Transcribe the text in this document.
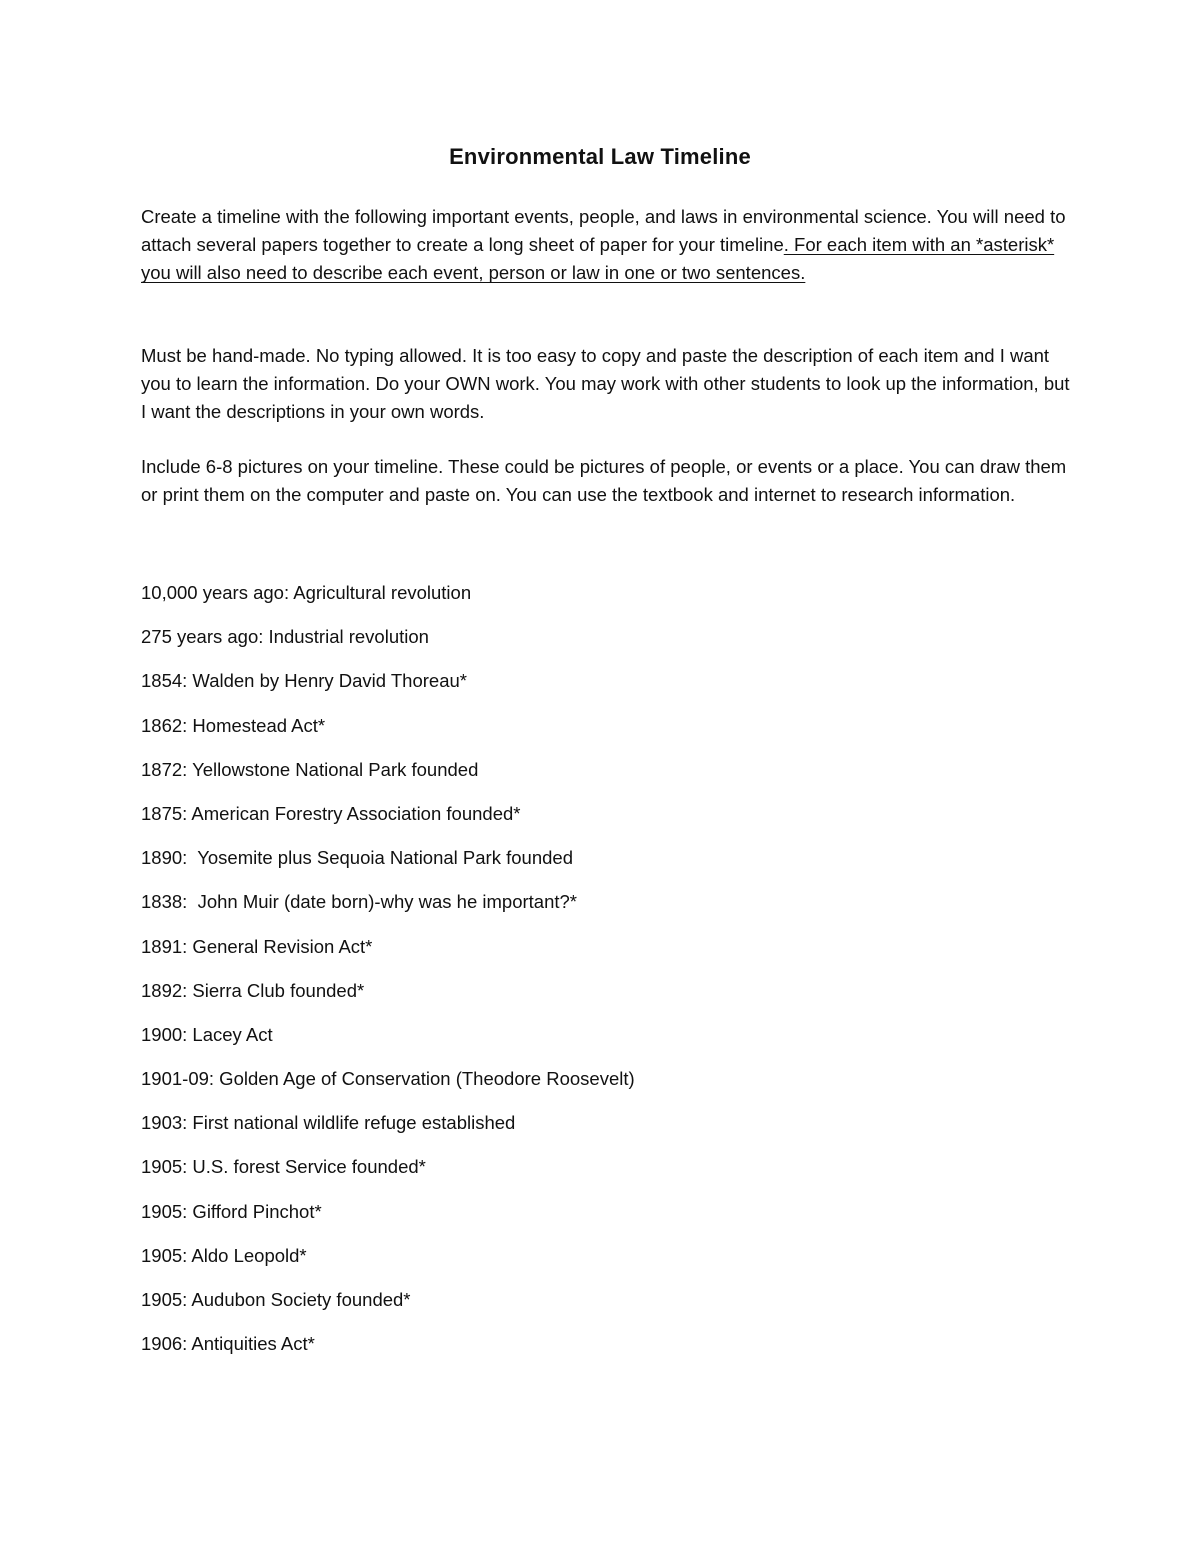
Environmental Law Timeline
Create a timeline with the following important events, people, and laws in environmental science. You will need to attach several papers together to create a long sheet of paper for your timeline. For each item with an *asterisk* you will also need to describe each event, person or law in one or two sentences.
Must be hand-made. No typing allowed. It is too easy to copy and paste the description of each item and I want you to learn the information. Do your OWN work. You may work with other students to look up the information, but I want the descriptions in your own words.
Include 6-8 pictures on your timeline. These could be pictures of people, or events or a place. You can draw them or print them on the computer and paste on. You can use the textbook and internet to research information.
10,000 years ago: Agricultural revolution
275 years ago: Industrial revolution
1854: Walden by Henry David Thoreau*
1862: Homestead Act*
1872: Yellowstone National Park founded
1875: American Forestry Association founded*
1890:  Yosemite plus Sequoia National Park founded
1838:  John Muir (date born)-why was he important?*
1891: General Revision Act*
1892: Sierra Club founded*
1900: Lacey Act
1901-09: Golden Age of Conservation (Theodore Roosevelt)
1903: First national wildlife refuge established
1905: U.S. forest Service founded*
1905: Gifford Pinchot*
1905: Aldo Leopold*
1905: Audubon Society founded*
1906: Antiquities Act*
